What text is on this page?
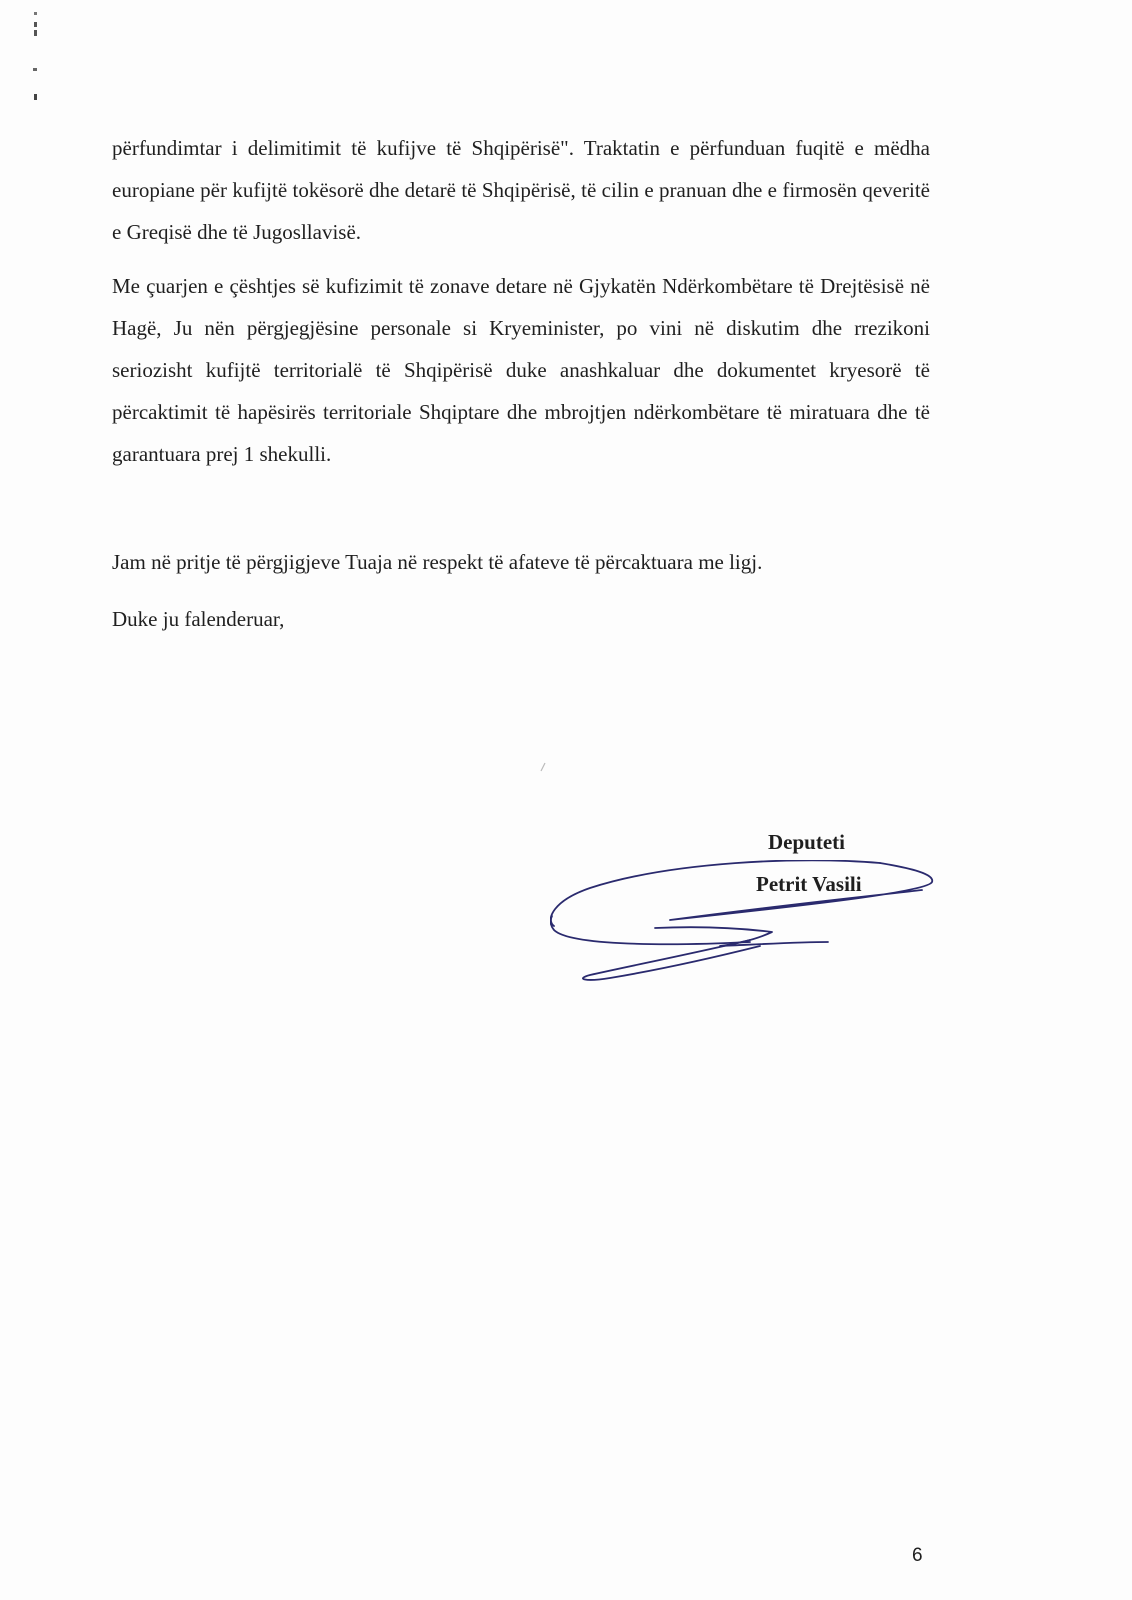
përfundimtar i delimitimit të kufijve të Shqipërisë". Traktatin e përfunduan fuqitë e mëdha europiane për kufijtë tokësorë dhe detarë të Shqipërisë, të cilin e pranuan dhe e firmosën qeveritë e Greqisë dhe të Jugosllavisë.

Me çuarjen e çështjes së kufizimit të zonave detare në Gjykatën Ndërkombëtare të Drejtësisë në Hagë, Ju nën përgjegjësine personale si Kryeminister, po vini në diskutim dhe rrezikoni seriozisht kufijtë territorialë të Shqipërisë duke anashkaluar dhe dokumentet kryesorë të përcaktimit të hapësirës territoriale Shqiptare dhe mbrojtjen ndërkombëtare të miratuara dhe të garantuara prej 1 shekulli.

Jam në pritje të përgjigjeve Tuaja në respekt të afateve të përcaktuara me ligj.

Duke ju falenderuar,

Deputeti
Petrit Vasili
6
